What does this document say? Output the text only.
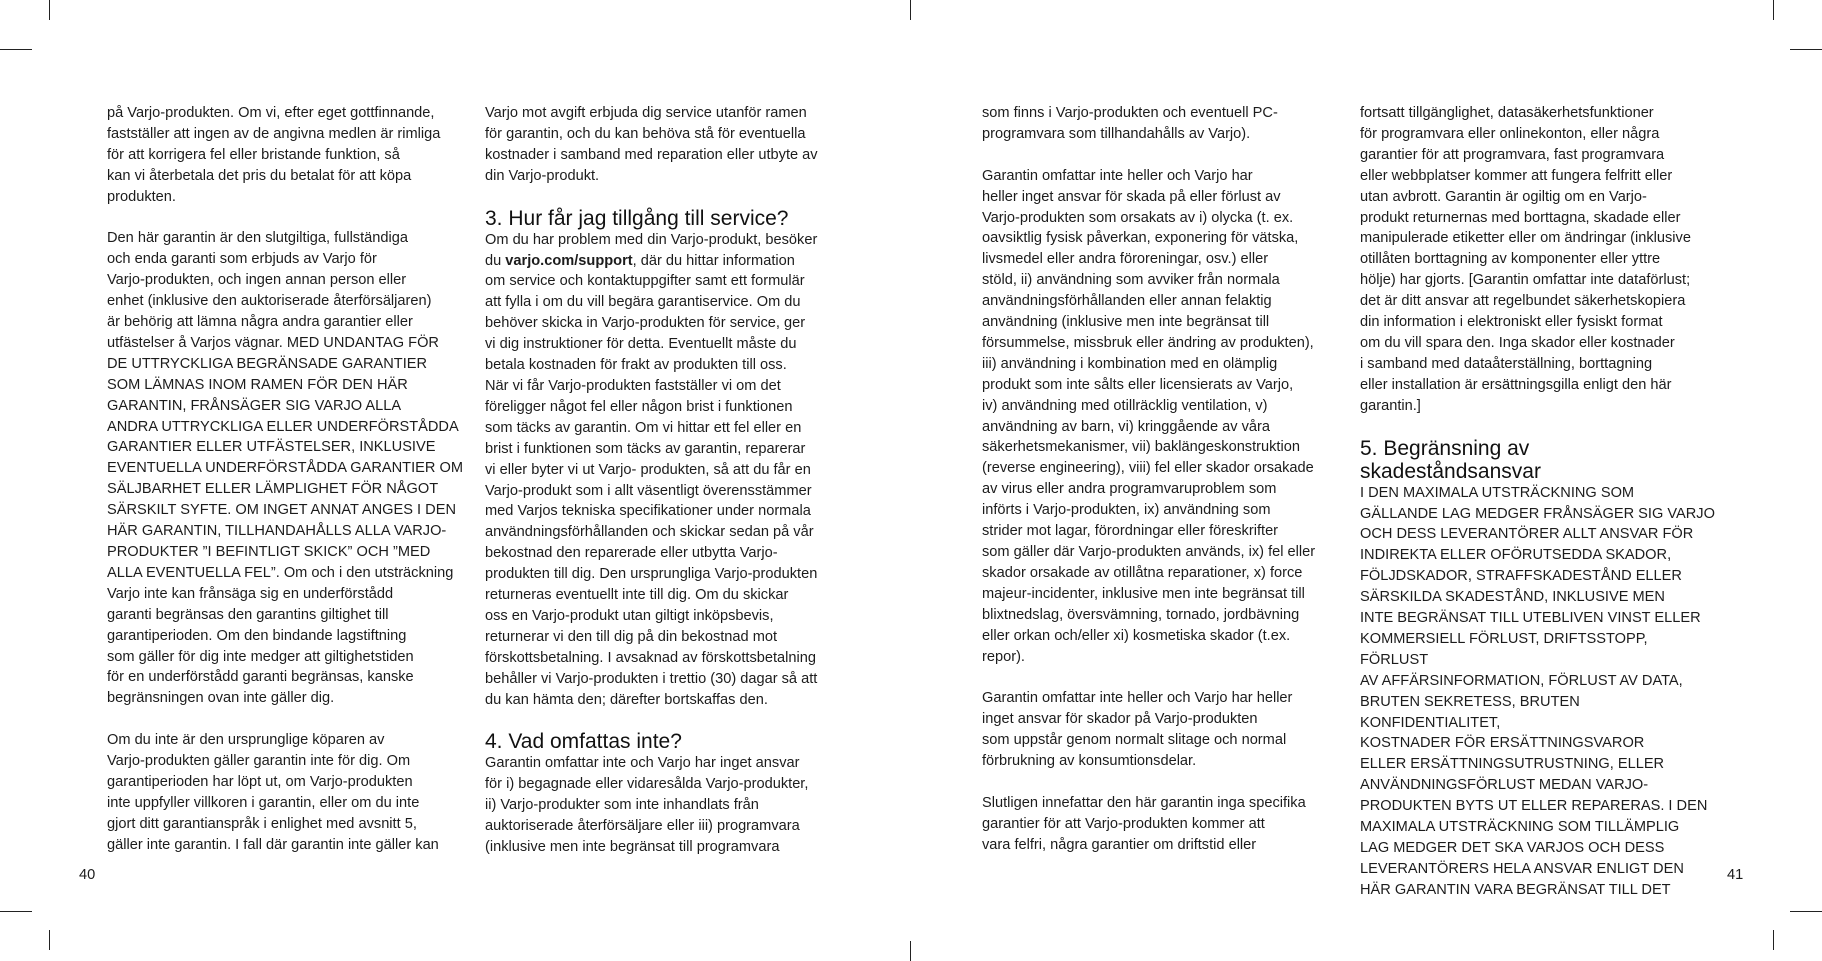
på Varjo-produkten. Om vi, efter eget gottfinnande,
fastställer att ingen av de angivna medlen är rimliga
för att korrigera fel eller bristande funktion, så
kan vi återbetala det pris du betalat för att köpa
produkten.

Den här garantin är den slutgiltiga, fullständiga
och enda garanti som erbjuds av Varjo för
Varjo-produkten, och ingen annan person eller
enhet (inklusive den auktoriserade återförsäljaren)
är behörig att lämna några andra garantier eller
utfästelser å Varjos vägnar. MED UNDANTAG FÖR
DE UTTRYCKLIGA BEGRÄNSADE GARANTIER
SOM LÄMNAS INOM RAMEN FÖR DEN HÄR
GARANTIN, FRÅNSÄGER SIG VARJO ALLA
ANDRA UTTRYCKLIGA ELLER UNDERFÖRSTÅDDA
GARANTIER ELLER UTFÄSTELSER, INKLUSIVE
EVENTUELLA UNDERFÖRSTÅDDA GARANTIER OM
SÄLJBARHET ELLER LÄMPLIGHET FÖR NÅGOT
SÄRSKILT SYFTE. OM INGET ANNAT ANGES I DEN
HÄR GARANTIN, TILLHANDAHÅLLS ALLA VARJO-
PRODUKTER ”I BEFINTLIGT SKICK” OCH ”MED
ALLA EVENTUELLA FEL”. Om och i den utsträckning
Varjo inte kan frånsäga sig en underförstådd
garanti begränsas den garantins giltighet till
garantiperioden. Om den bindande lagstiftning
som gäller för dig inte medger att giltighetstiden
för en underförstådd garanti begränsas, kanske
begränsningen ovan inte gäller dig.

Om du inte är den ursprunglige köparen av
Varjo-produkten gäller garantin inte för dig. Om
garantiperioden har löpt ut, om Varjo-produkten
inte uppfyller villkoren i garantin, eller om du inte
gjort ditt garantianspråk i enlighet med avsnitt 5,
gäller inte garantin. I fall där garantin inte gäller kan

Varjo mot avgift erbjuda dig service utanför ramen
för garantin, och du kan behöva stå för eventuella
kostnader i samband med reparation eller utbyte av
din Varjo-produkt.

3. Hur får jag tillgång till service?

Om du har problem med din Varjo-produkt, besöker
du varjo.com/support, där du hittar information
om service och kontaktuppgifter samt ett formulär
att fylla i om du vill begära garantiservice. Om du
behöver skicka in Varjo-produkten för service, ger
vi dig instruktioner för detta. Eventuellt måste du
betala kostnaden för frakt av produkten till oss.
När vi får Varjo-produkten fastställer vi om det
föreligger något fel eller någon brist i funktionen
som täcks av garantin. Om vi hittar ett fel eller en
brist i funktionen som täcks av garantin, reparerar
vi eller byter vi ut Varjo- produkten, så att du får en
Varjo-produkt som i allt väsentligt överensstämmer
med Varjos tekniska specifikationer under normala
användningsförhållanden och skickar sedan på vår
bekostnad den reparerade eller utbytta Varjo-
produkten till dig. Den ursprungliga Varjo-produkten
returneras eventuellt inte till dig. Om du skickar
oss en Varjo-produkt utan giltigt inköpsbevis,
returnerar vi den till dig på din bekostnad mot
förskottsbetalning. I avsaknad av förskottsbetalning
behåller vi Varjo-produkten i trettio (30) dagar så att
du kan hämta den; därefter bortskaffas den.

4. Vad omfattas inte?

Garantin omfattar inte och Varjo har inget ansvar
för i) begagnade eller vidaresålda Varjo-produkter,
ii) Varjo-produkter som inte inhandlats från
auktoriserade återförsäljare eller iii) programvara
(inklusive men inte begränsat till programvara

som finns i Varjo-produkten och eventuell PC-
programvara som tillhandahålls av Varjo).

Garantin omfattar inte heller och Varjo har
heller inget ansvar för skada på eller förlust av
Varjo-produkten som orsakats av i) olycka (t. ex.
oavsiktlig fysisk påverkan, exponering för vätska,
livsmedel eller andra föroreningar, osv.) eller
stöld, ii) användning som avviker från normala
användningsförhållanden eller annan felaktig
användning (inklusive men inte begränsat till
försummelse, missbruk eller ändring av produkten),
iii) användning i kombination med en olämplig
produkt som inte sålts eller licensierats av Varjo,
iv) användning med otillräcklig ventilation, v)
användning av barn, vi) kringgående av våra
säkerhetsmekanismer, vii) baklängeskonstruktion
(reverse engineering), viii) fel eller skador orsakade
av virus eller andra programvaruproblem som
införts i Varjo-produkten, ix) användning som
strider mot lagar, förordningar eller föreskrifter
som gäller där Varjo-produkten används, ix) fel eller
skador orsakade av otillåtna reparationer, x) force
majeur-incidenter, inklusive men inte begränsat till
blixtnedslag, översvämning, tornado, jordbävning
eller orkan och/eller xi) kosmetiska skador (t.ex.
repor).

Garantin omfattar inte heller och Varjo har heller
inget ansvar för skador på Varjo-produkten
som uppstår genom normalt slitage och normal
förbrukning av konsumtionsdelar.

Slutligen innefattar den här garantin inga specifika
garantier för att Varjo-produkten kommer att
vara felfri, några garantier om driftstid eller

fortsatt tillgänglighet, datasäkerhetsfunktioner
för programvara eller onlinekonton, eller några
garantier för att programvara, fast programvara
eller webbplatser kommer att fungera felfritt eller
utan avbrott. Garantin är ogiltig om en Varjo-
produkt returnernas med borttagna, skadade eller
manipulerade etiketter eller om ändringar (inklusive
otillåten borttagning av komponenter eller yttre
hölje) har gjorts. [Garantin omfattar inte dataförlust;
det är ditt ansvar att regelbundet säkerhetskopiera
din information i elektroniskt eller fysiskt format
om du vill spara den. Inga skador eller kostnader
i samband med dataåterställning, borttagning
eller installation är ersättningsgilla enligt den här
garantin.]

5. Begränsning av
skadeståndsansvar

I DEN MAXIMALA UTSTRÄCKNING SOM
GÄLLANDE LAG MEDGER FRÅNSÄGER SIG VARJO
OCH DESS LEVERANTÖRER ALLT ANSVAR FÖR
INDIREKTA ELLER OFÖRUTSEDDA SKADOR,
FÖLJDSKADOR, STRAFFSKADESTÅND ELLER
SÄRSKILDA SKADESTÅND, INKLUSIVE MEN
INTE BEGRÄNSAT TILL UTEBLIVEN VINST ELLER
KOMMERSIELL FÖRLUST, DRIFTSSTOPP, FÖRLUST
AV AFFÄRSINFORMATION, FÖRLUST AV DATA,
BRUTEN SEKRETESS, BRUTEN KONFIDENTIALITET,
KOSTNADER FÖR ERSÄTTNINGSVAROR
ELLER ERSÄTTNINGSUTRUSTNING, ELLER
ANVÄNDNINGSFÖRLUST MEDAN VARJO-
PRODUKTEN BYTS UT ELLER REPARERAS. I DEN
MAXIMALA UTSTRÄCKNING SOM TILLÄMPLIG
LAG MEDGER DET SKA VARJOS OCH DESS
LEVERANTÖRERS HELA ANSVAR ENLIGT DEN
HÄR GARANTIN VARA BEGRÄNSAT TILL DET

40	41
